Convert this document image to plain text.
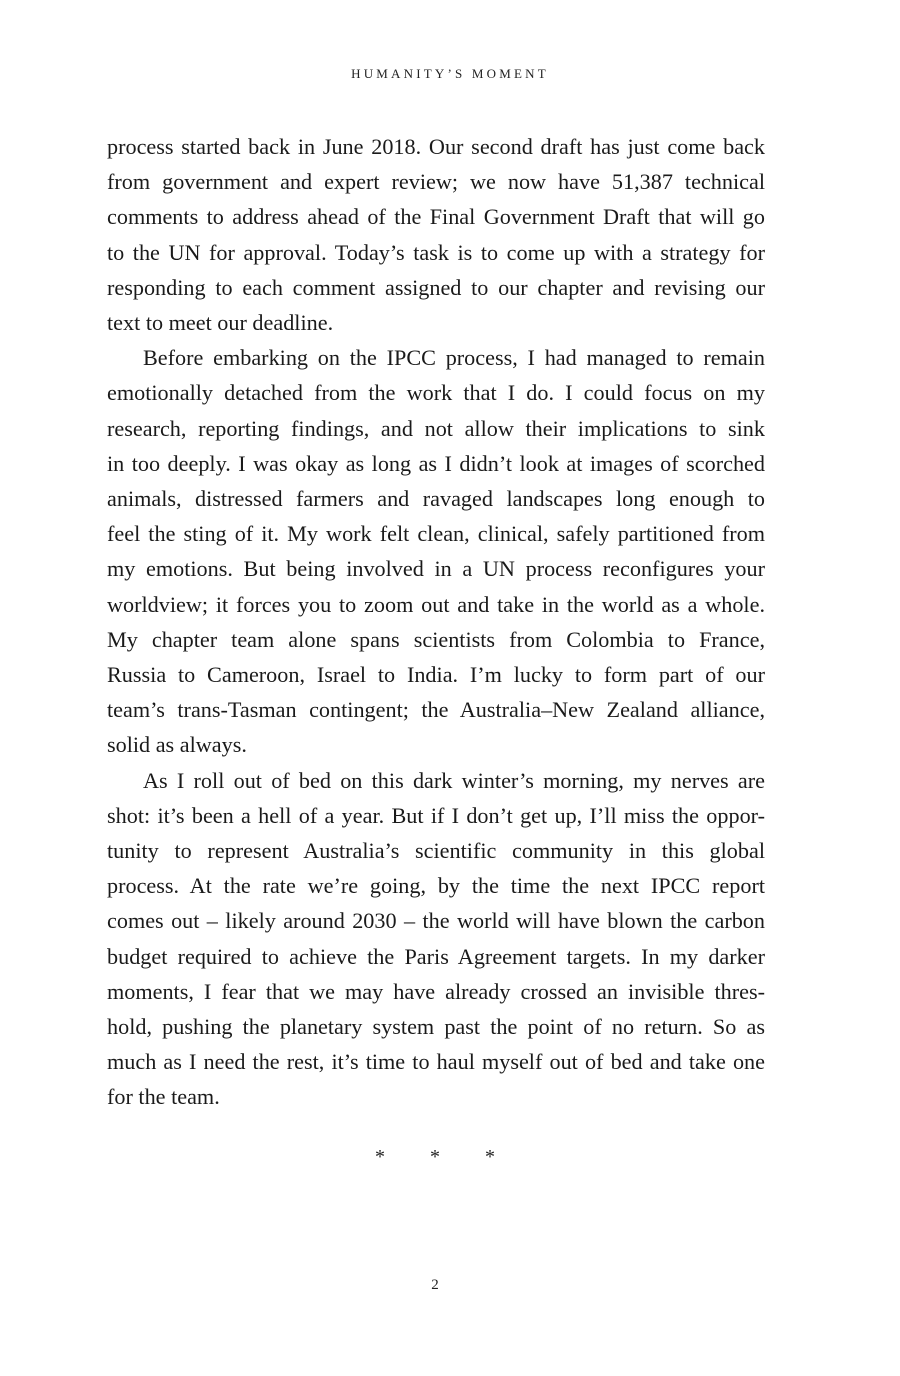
HUMANITY’S MOMENT

process started back in June 2018. Our second draft has just come back
from government and expert review; we now have 51,387 technical
comments to address ahead of the Final Government Draft that will go
to the UN for approval. Today’s task is to come up with a strategy for
responding to each comment assigned to our chapter and revising our
text to meet our deadline.

Before embarking on the IPCC process, I had managed to remain
emotionally detached from the work that I do. I could focus on my
research, reporting findings, and not allow their implications to sink
in too deeply. I was okay as long as I didn’t look at images of scorched
animals, distressed farmers and ravaged landscapes long enough to
feel the sting of it. My work felt clean, clinical, safely partitioned from
my emotions. But being involved in a UN process reconfigures your
worldview; it forces you to zoom out and take in the world as a whole.
My chapter team alone spans scientists from Colombia to France,
Russia to Cameroon, Israel to India. I’m lucky to form part of our
team’s trans-Tasman contingent; the Australia–New Zealand alliance,
solid as always.

As I roll out of bed on this dark winter’s morning, my nerves are
shot: it’s been a hell of a year. But if I don’t get up, I’ll miss the oppor-
tunity to represent Australia’s scientific community in this global
process. At the rate we’re going, by the time the next IPCC report
comes out – likely around 2030 – the world will have blown the carbon
budget required to achieve the Paris Agreement targets. In my darker
moments, I fear that we may have already crossed an invisible thres-
hold, pushing the planetary system past the point of no return. So as
much as I need the rest, it’s time to haul myself out of bed and take one
for the team.

* * *
2
